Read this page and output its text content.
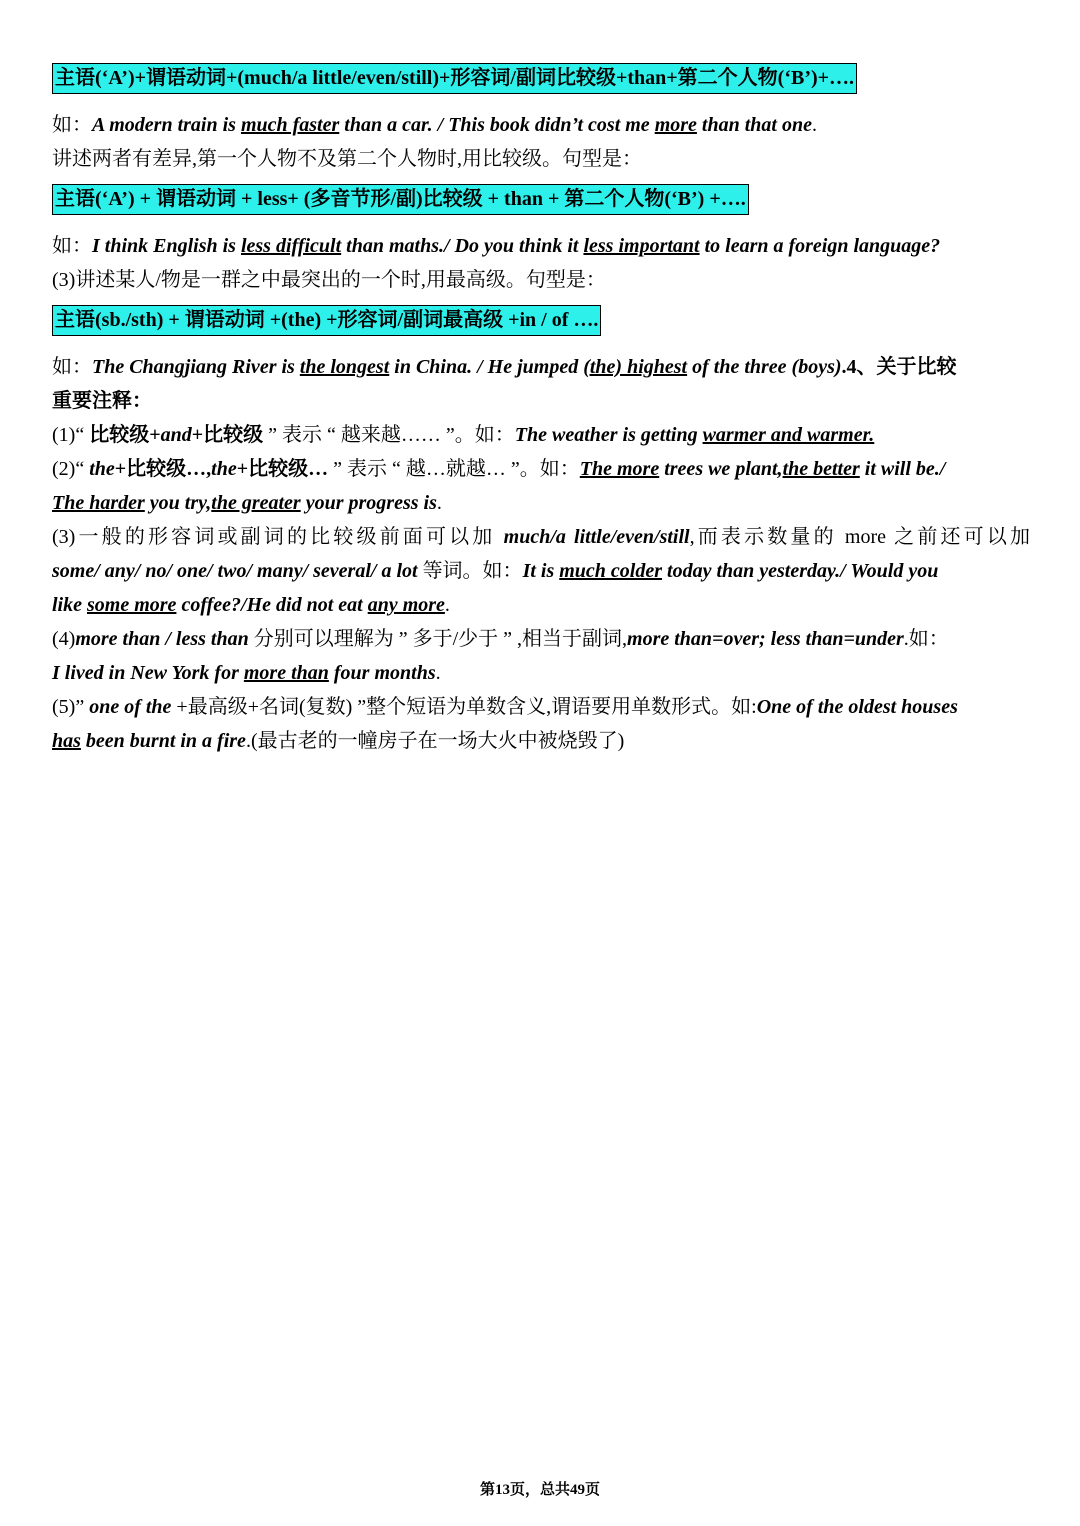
主语(‘A’)+谓语动词+(much/a little/even/still)+形容词/副词比较级+than+第二个人物(‘B’)+….
如：A modern train is much faster than a car. / This book didn’t cost me more than that one.
讲述两者有差异,第一个人物不及第二个人物时,用比较级。句型是：
主语(‘A’) + 谓语动词 + less+ (多音节形/副)比较级 + than + 第二个人物(‘B’) +….
如：I think English is less difficult than maths./ Do you think it less important to learn a foreign language?
(3)讲述某人/物是一群之中最突出的一个时,用最高级。句型是：
主语(sb./sth) + 谓语动词 +(the) +形容词/副词最高级 +in / of ….
如：The Changjiang River is the longest in China. / He jumped (the) highest of the three (boys).4、关于比较
重要注释：
(1)“ 比较级+and+比较级 ” 表示 “ 越来越…… ”。如：The weather is getting warmer and warmer.
(2)“ the+比较级…,the+比较级… ” 表示 “ 越…就越… ”。如：The more trees we plant,the better it will be./
The harder you try,the greater your progress is.
(3)一般的形容词或副词的比较级前面可以加 much/a little/even/still,而表示数量的 more 之前还可以加
some/ any/ no/ one/ two/ many/ several/ a lot 等词。如：It is much colder today than yesterday./ Would you
like some more coffee?/He did not eat any more.
(4)more than / less than 分别可以理解为 ” 多于/少于 ” ,相当于副词,more than=over; less than=under.如：
I lived in New York for more than four months.
(5)” one of the +最高级+名词(复数) ”整个短语为单数含义,谓语要用单数形式。如:One of the oldest houses
has been burnt in a fire.(最古老的一幢房子在一场大火中被烧毁了)
第13页，总共49页
